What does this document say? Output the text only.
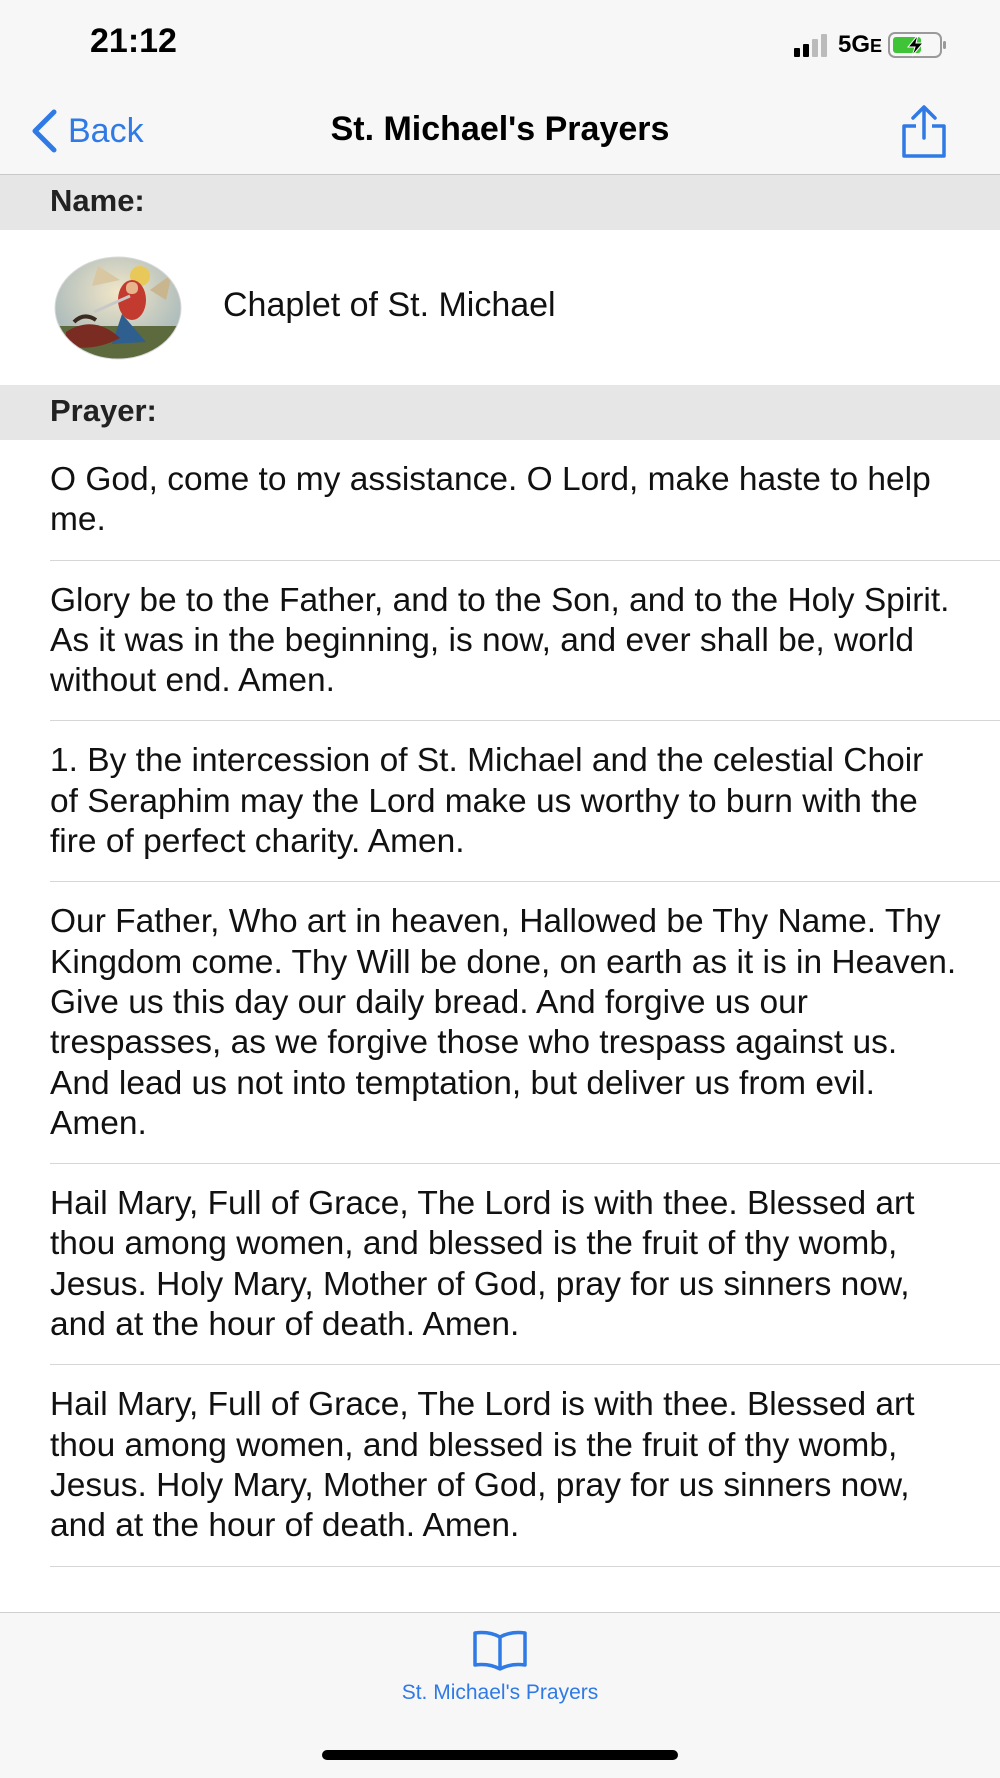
21:12	5GE
Back	St. Michael's Prayers
Name:
Chaplet of St. Michael
Prayer:
O God, come to my assistance. O Lord, make haste to help me.
Glory be to the Father, and to the Son, and to the Holy Spirit. As it was in the beginning, is now, and ever shall be, world without end. Amen.
1. By the intercession of St. Michael and the celestial Choir of Seraphim may the Lord make us worthy to burn with the fire of perfect charity. Amen.
Our Father, Who art in heaven, Hallowed be Thy Name. Thy Kingdom come. Thy Will be done, on earth as it is in Heaven. Give us this day our daily bread. And forgive us our trespasses, as we forgive those who trespass against us. And lead us not into temptation, but deliver us from evil. Amen.
Hail Mary, Full of Grace, The Lord is with thee. Blessed art thou among women, and blessed is the fruit of thy womb, Jesus. Holy Mary, Mother of God, pray for us sinners now, and at the hour of death. Amen.
Hail Mary, Full of Grace, The Lord is with thee. Blessed art thou among women, and blessed is the fruit of thy womb, Jesus. Holy Mary, Mother of God, pray for us sinners now, and at the hour of death. Amen.
St. Michael's Prayers
